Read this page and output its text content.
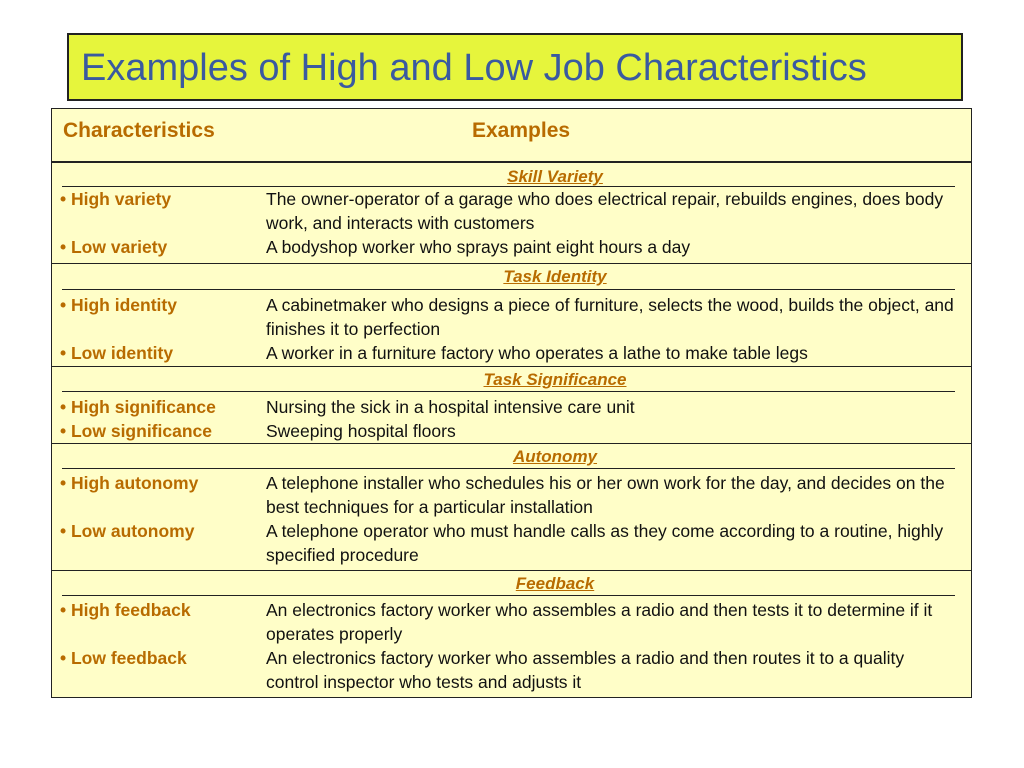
Examples of High and Low Job Characteristics
Characteristics	Examples
Skill Variety
• High variety	The owner-operator of a garage who does electrical repair, rebuilds engines, does body work, and interacts with customers
• Low variety	A bodyshop worker who sprays paint eight hours a day
Task Identity
• High identity	A cabinetmaker who designs a piece of furniture, selects the wood, builds the object, and finishes it to perfection
• Low identity	A worker in a furniture factory who operates a lathe to make table legs
Task Significance
• High significance	Nursing the sick in a hospital intensive care unit
• Low significance	Sweeping hospital floors
Autonomy
• High autonomy	A telephone installer who schedules his or her own work for the day, and decides on the best techniques for a particular installation
• Low autonomy	A telephone operator who must handle calls as they come according to a routine, highly specified procedure
Feedback
• High feedback	An electronics factory worker who assembles a radio and then tests it to determine if it operates properly
• Low feedback	An electronics factory worker who assembles a radio and then routes it to a quality control inspector who tests and adjusts it
